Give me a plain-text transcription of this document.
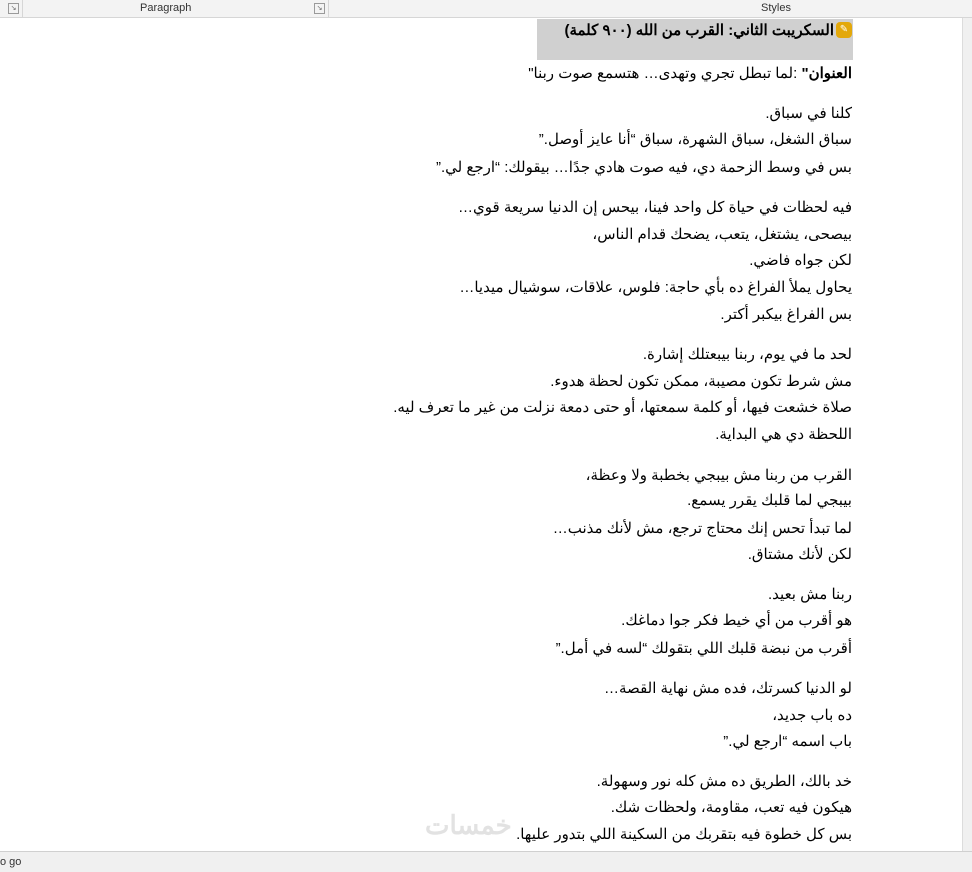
↘	Paragraph	↘	Styles
✎
السكريبت الثاني: القرب من الله (٩٠٠ كلمة)
العنوان" :لما تبطل تجري وتهدى… هتسمع صوت ربنا"
كلنا في سباق.
سباق الشغل، سباق الشهرة، سباق “أنا عايز أوصل.”
بس في وسط الزحمة دي، فيه صوت هادي جدًا… بيقولك: “ارجع لي.”
فيه لحظات في حياة كل واحد فينا، بيحس إن الدنيا سريعة قوي…
بيصحى، يشتغل، يتعب، يضحك قدام الناس،
لكن جواه فاضي.
يحاول يملأ الفراغ ده بأي حاجة: فلوس، علاقات، سوشيال ميديا…
بس الفراغ بيكبر أكتر.
لحد ما في يوم، ربنا بيبعتلك إشارة.
مش شرط تكون مصيبة، ممكن تكون لحظة هدوء.
صلاة خشعت فيها، أو كلمة سمعتها، أو حتى دمعة نزلت من غير ما تعرف ليه.
اللحظة دي هي البداية.
القرب من ربنا مش بيبجي بخطبة ولا وعظة،
بيبجي لما قلبك يقرر يسمع.
لما تبدأ تحس إنك محتاج ترجع، مش لأنك مذنب…
لكن لأنك مشتاق.
ربنا مش بعيد.
هو أقرب من أي خيط فكر جوا دماغك.
أقرب من نبضة قلبك اللي بتقولك “لسه في أمل.”
لو الدنيا كسرتك، فده مش نهاية القصة…
ده باب جديد،
باب اسمه “ارجع لي.”
خد بالك، الطريق ده مش كله نور وسهولة.
هيكون فيه تعب، مقاومة، ولحظات شك.
بس كل خطوة فيه بتقربك من السكينة اللي بتدور عليها.
خمسات
o go
